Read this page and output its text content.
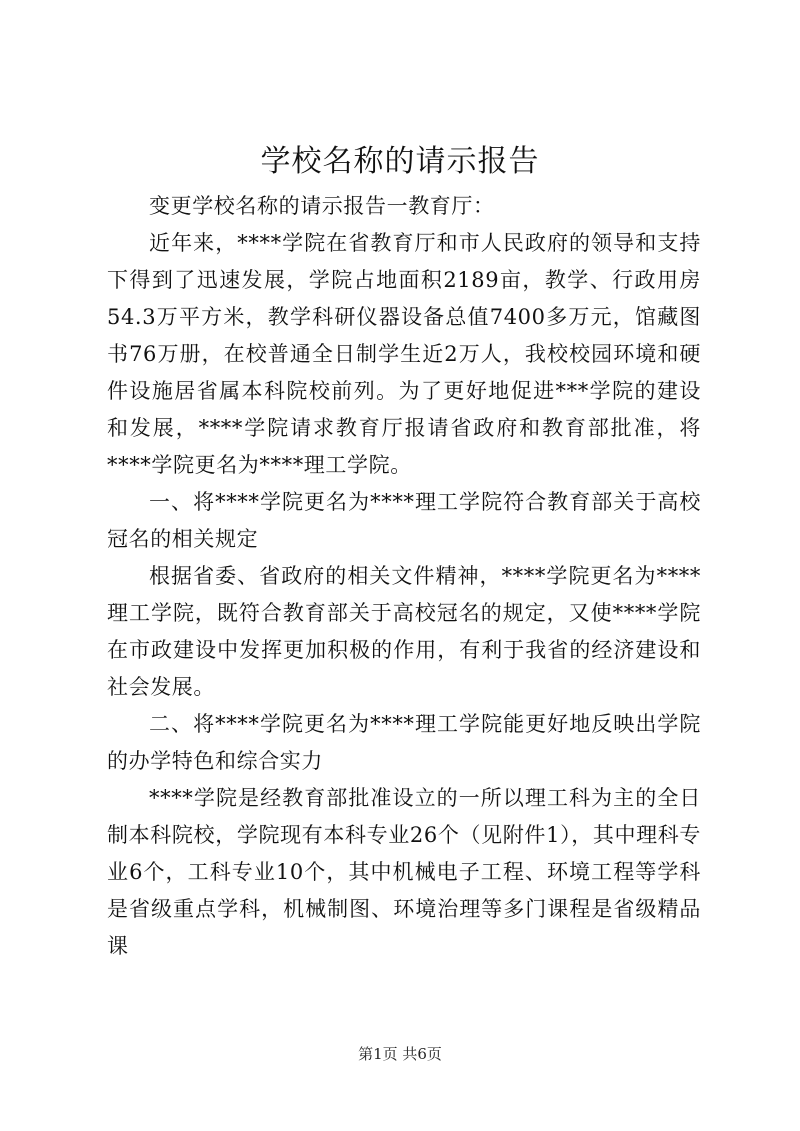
学校名称的请示报告

变更学校名称的请示报告一教育厅：

近年来，****学院在省教育厅和市人民政府的领导和支持下得到了迅速发展，学院占地面积2189亩，教学、行政用房54.3万平方米，教学科研仪器设备总值7400多万元，馆藏图书76万册，在校普通全日制学生近2万人，我校校园环境和硬件设施居省属本科院校前列。为了更好地促进***学院的建设和发展，****学院请求教育厅报请省政府和教育部批准，将****学院更名为****理工学院。

一、将****学院更名为****理工学院符合教育部关于高校冠名的相关规定

根据省委、省政府的相关文件精神，****学院更名为****理工学院，既符合教育部关于高校冠名的规定，又使****学院在市政建设中发挥更加积极的作用，有利于我省的经济建设和社会发展。

二、将****学院更名为****理工学院能更好地反映出学院的办学特色和综合实力

****学院是经教育部批准设立的一所以理工科为主的全日制本科院校，学院现有本科专业26个（见附件1），其中理科专业6个，工科专业10个，其中机械电子工程、环境工程等学科是省级重点学科，机械制图、环境治理等多门课程是省级精品课

第1页 共6页
